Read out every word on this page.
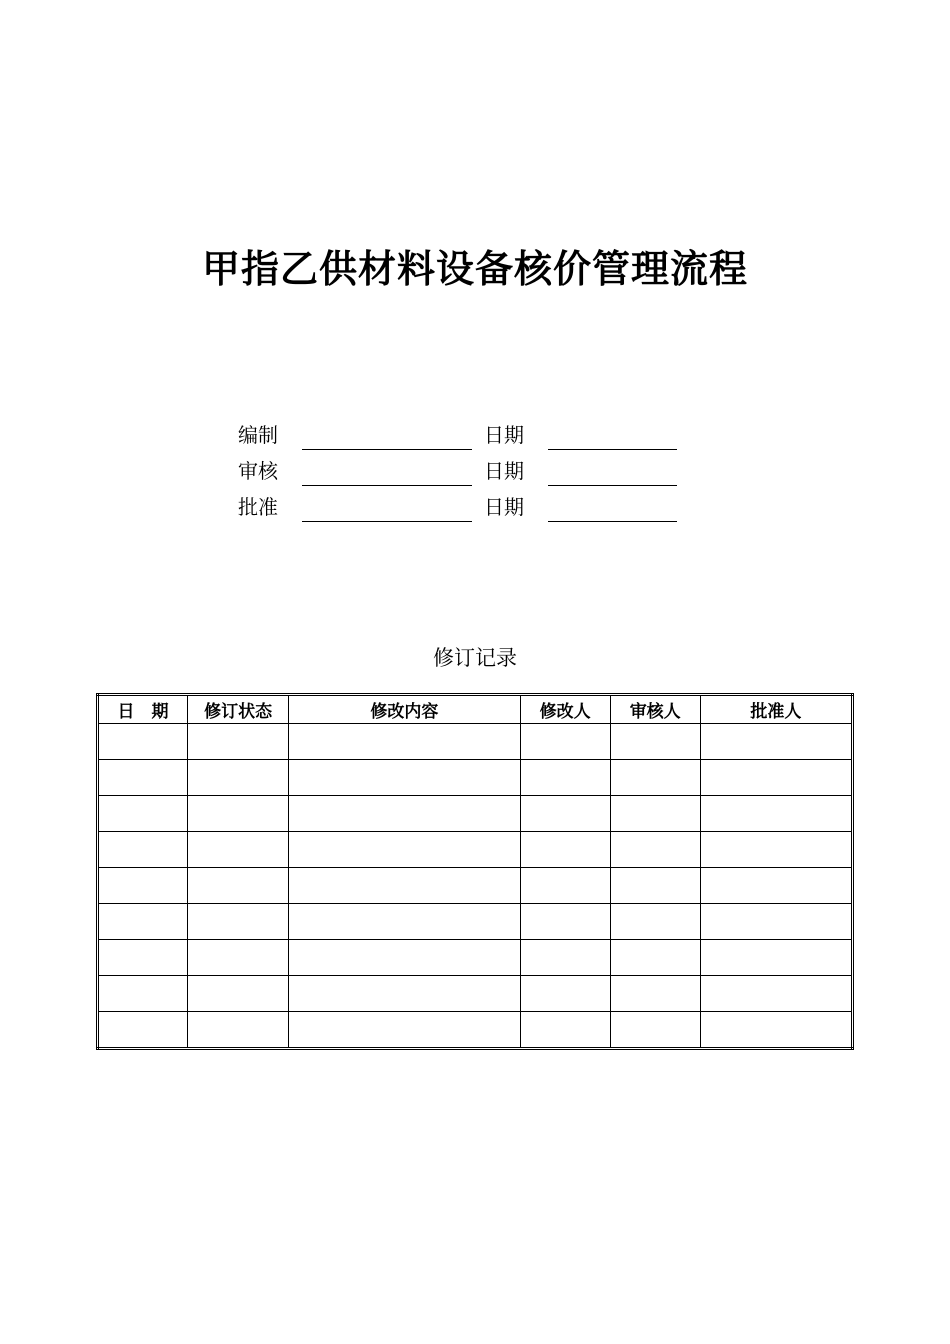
甲指乙供材料设备核价管理流程
编制	日期
审核	日期
批准	日期
修订记录
日　期	修订状态	修改内容	修改人	审核人	批准人
